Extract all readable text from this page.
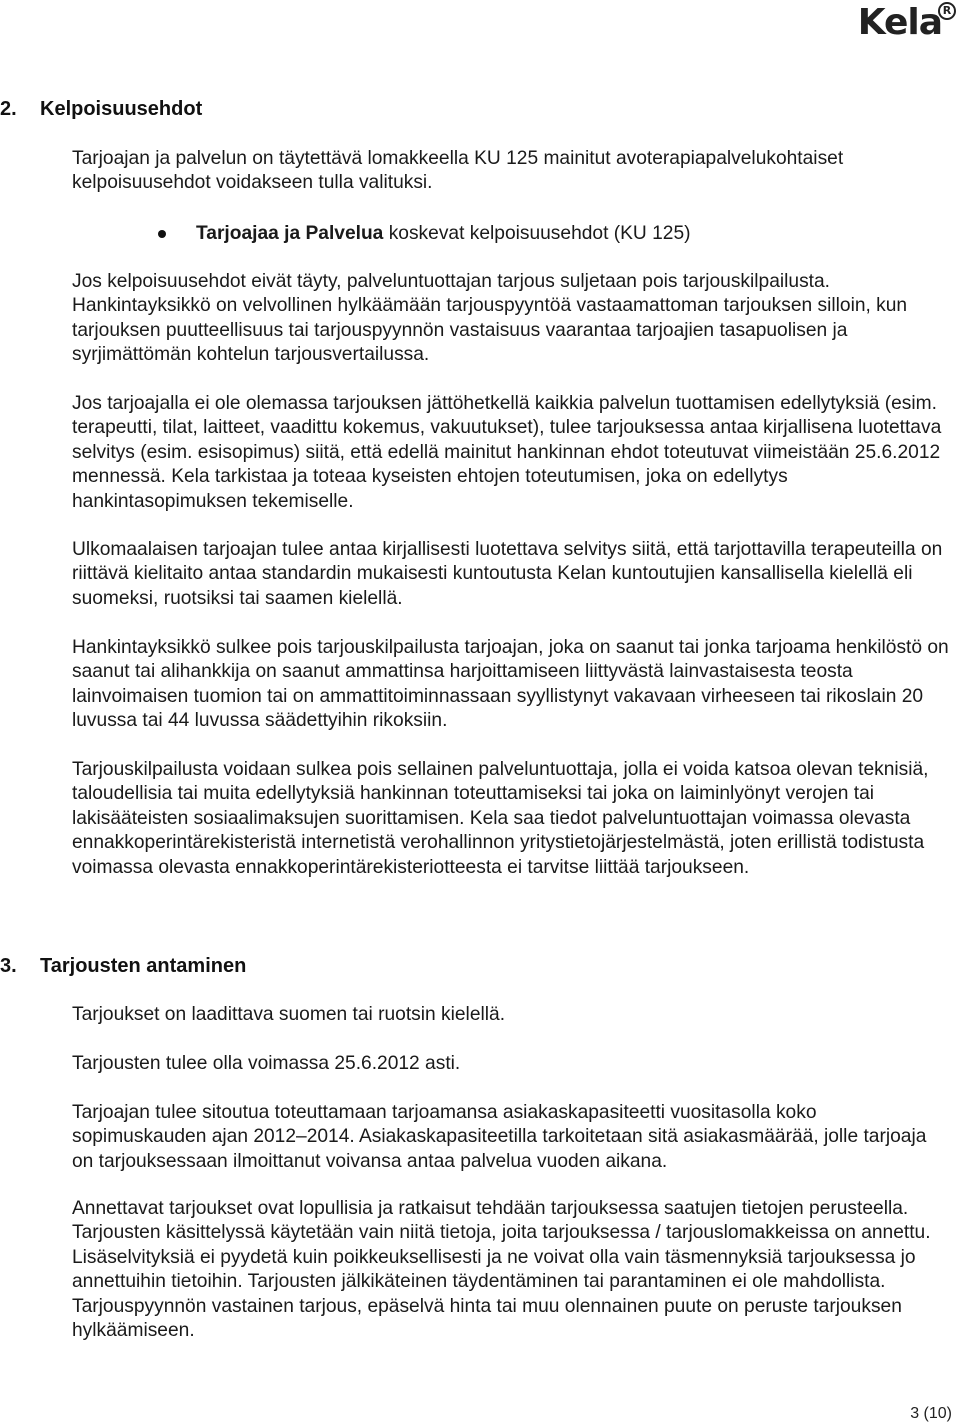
Kela R
2. Kelpoisuusehdot

Tarjoajan ja palvelun on täytettävä lomakkeella KU 125 mainitut avoterapiapalvelukohtaiset kelpoisuusehdot voidakseen tulla valituksi.

Tarjoajaa ja Palvelua koskevat kelpoisuusehdot (KU 125)

Jos kelpoisuusehdot eivät täyty, palveluntuottajan tarjous suljetaan pois tarjouskilpailusta. Hankintayksikkö on velvollinen hylkäämään tarjouspyyntöä vastaamattoman tarjouksen silloin, kun tarjouksen puutteellisuus tai tarjouspyynnön vastaisuus vaarantaa tarjoajien tasapuolisen ja syrjimättömän kohtelun tarjousvertailussa.

Jos tarjoajalla ei ole olemassa tarjouksen jättöhetkellä kaikkia palvelun tuottamisen edellytyksiä (esim. terapeutti, tilat, laitteet, vaadittu kokemus, vakuutukset), tulee tarjouksessa antaa kirjallisena luotettava selvitys (esim. esisopimus) siitä, että edellä mainitut hankinnan ehdot toteutuvat viimeistään 25.6.2012 mennessä. Kela tarkistaa ja toteaa kyseisten ehtojen toteutumisen, joka on edellytys hankintasopimuksen tekemiselle.

Ulkomaalaisen tarjoajan tulee antaa kirjallisesti luotettava selvitys siitä, että tarjottavilla terapeuteilla on riittävä kielitaito antaa standardin mukaisesti kuntoutusta Kelan kuntoutujien kansallisella kielellä eli suomeksi, ruotsiksi tai saamen kielellä.

Hankintayksikkö sulkee pois tarjouskilpailusta tarjoajan, joka on saanut tai jonka tarjoama henkilöstö on saanut tai alihankkija on saanut ammattinsa harjoittamiseen liittyvästä lainvastaisesta teosta lainvoimaisen tuomion tai on ammattitoiminnassaan syyllistynyt vakavaan virheeseen tai rikoslain 20 luvussa tai 44 luvussa säädettyihin rikoksiin.

Tarjouskilpailusta voidaan sulkea pois sellainen palveluntuottaja, jolla ei voida katsoa olevan teknisiä, taloudellisia tai muita edellytyksiä hankinnan toteuttamiseksi tai joka on laiminlyönyt verojen tai lakisääteisten sosiaalimaksujen suorittamisen. Kela saa tiedot palveluntuottajan voimassa olevasta ennakkoperintärekisteristä internetistä verohallinnon yritystietojärjestelmästä, joten erillistä todistusta voimassa olevasta ennakkoperintärekisteriotteesta ei tarvitse liittää tarjoukseen.

3. Tarjousten antaminen

Tarjoukset on laadittava suomen tai ruotsin kielellä.

Tarjousten tulee olla voimassa 25.6.2012 asti.

Tarjoajan tulee sitoutua toteuttamaan tarjoamansa asiakaskapasiteetti vuositasolla koko sopimuskauden ajan 2012–2014. Asiakaskapasiteetilla tarkoitetaan sitä asiakasmäärää, jolle tarjoaja on tarjouksessaan ilmoittanut voivansa antaa palvelua vuoden aikana.

Annettavat tarjoukset ovat lopullisia ja ratkaisut tehdään tarjouksessa saatujen tietojen perusteella. Tarjousten käsittelyssä käytetään vain niitä tietoja, joita tarjouksessa / tarjouslomakkeissa on annettu. Lisäselvityksiä ei pyydetä kuin poikkeuksellisesti ja ne voivat olla vain täsmennyksiä tarjouksessa jo annettuihin tietoihin. Tarjousten jälkikäteinen täydentäminen tai parantaminen ei ole mahdollista. Tarjouspyynnön vastainen tarjous, epäselvä hinta tai muu olennainen puute on peruste tarjouksen hylkäämiseen.

3 (10)
